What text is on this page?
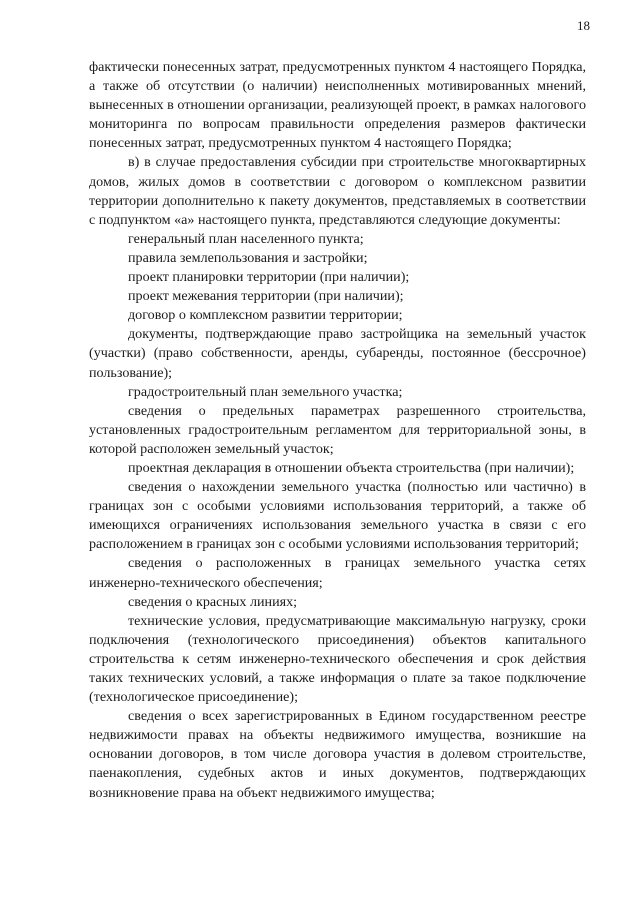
18

фактически понесенных затрат, предусмотренных пунктом 4 настоящего Порядка, а также об отсутствии (о наличии) неисполненных мотивированных мнений, вынесенных в отношении организации, реализующей проект, в рамках налогового мониторинга по вопросам правильности определения размеров фактически понесенных затрат, предусмотренных пунктом 4 настоящего Порядка;

в) в случае предоставления субсидии при строительстве многоквартирных домов, жилых домов в соответствии с договором о комплексном развитии территории дополнительно к пакету документов, представляемых в соответствии с подпунктом «а» настоящего пункта, представляются следующие документы:

генеральный план населенного пункта;

правила землепользования и застройки;

проект планировки территории (при наличии);

проект межевания территории (при наличии);

договор о комплексном развитии территории;

документы, подтверждающие право застройщика на земельный участок (участки) (право собственности, аренды, субаренды, постоянное (бессрочное) пользование);

градостроительный план земельного участка;

сведения о предельных параметрах разрешенного строительства, установленных градостроительным регламентом для территориальной зоны, в которой расположен земельный участок;

проектная декларация в отношении объекта строительства (при наличии);

сведения о нахождении земельного участка (полностью или частично) в границах зон с особыми условиями использования территорий, а также об имеющихся ограничениях использования земельного участка в связи с его расположением в границах зон с особыми условиями использования территорий;

сведения о расположенных в границах земельного участка сетях инженерно-технического обеспечения;

сведения о красных линиях;

технические условия, предусматривающие максимальную нагрузку, сроки подключения (технологического присоединения) объектов капитального строительства к сетям инженерно-технического обеспечения и срок действия таких технических условий, а также информация о плате за такое подключение (технологическое присоединение);

сведения о всех зарегистрированных в Едином государственном реестре недвижимости правах на объекты недвижимого имущества, возникшие на основании договоров, в том числе договора участия в долевом строительстве, паенакопления, судебных актов и иных документов, подтверждающих возникновение права на объект недвижимого имущества;
